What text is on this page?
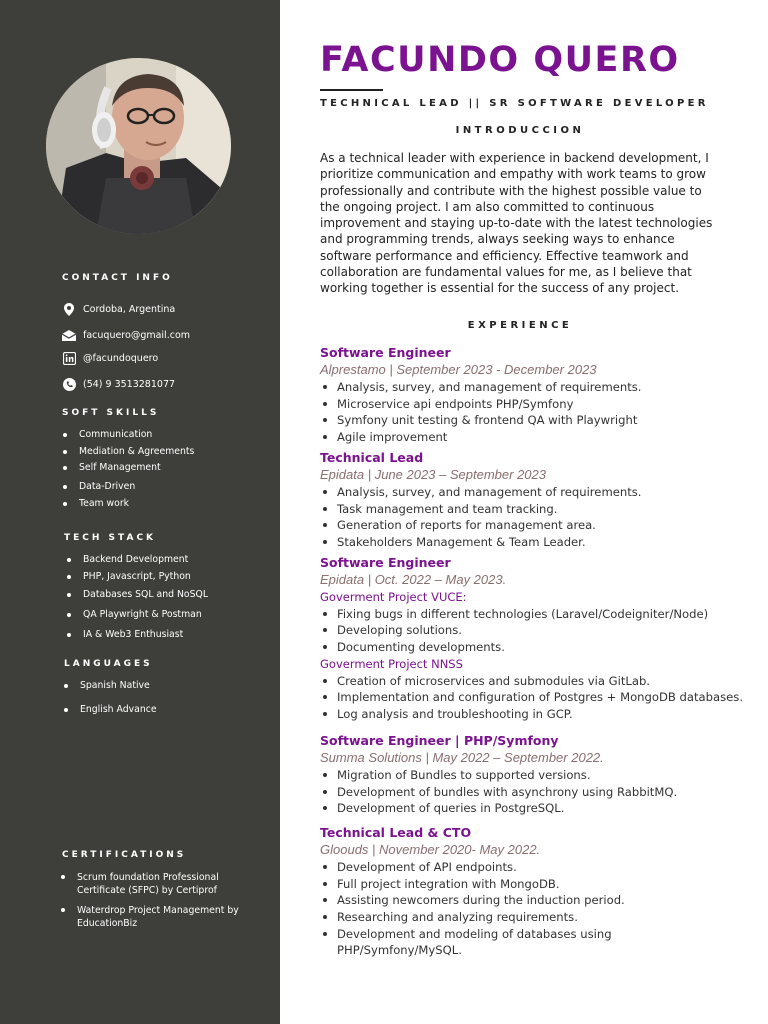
CONTACT INFO
Cordoba, Argentina
facuquero@gmail.com
@facundoquero
(54) 9 3513281077
SOFT SKILLS
Communication
Mediation & Agreements
Self Management
Data-Driven
Team work
TECH STACK
Backend Development
PHP, Javascript, Python
Databases SQL and NoSQL
QA Playwright & Postman
IA & Web3 Enthusiast
LANGUAGES
Spanish Native
English Advance
CERTIFICATIONS
Scrum foundation Professional Certificate (SFPC) by Certiprof
Waterdrop Project Management by EducationBiz
FACUNDO QUERO
TECHNICAL LEAD || SR SOFTWARE DEVELOPER
INTRODUCCION
As a technical leader with experience in backend development, I prioritize communication and empathy with work teams to grow professionally and contribute with the highest possible value to the ongoing project. I am also committed to continuous improvement and staying up-to-date with the latest technologies and programming trends, always seeking ways to enhance software performance and efficiency. Effective teamwork and collaboration are fundamental values for me, as I believe that working together is essential for the success of any project.
EXPERIENCE
Software Engineer
Alprestamo | September 2023 - December 2023
Analysis, survey, and management of requirements.
Microservice api endpoints PHP/Symfony
Symfony unit testing & frontend QA with Playwright
Agile improvement
Technical Lead
Epidata | June 2023 – September 2023
Analysis, survey, and management of requirements.
Task management and team tracking.
Generation of reports for management area.
Stakeholders Management & Team Leader.
Software Engineer
Epidata | Oct. 2022 – May 2023.
Goverment Project VUCE:
Fixing bugs in different technologies (Laravel/Codeigniter/Node)
Developing solutions.
Documenting developments.
Goverment Project NNSS
Creation of microservices and submodules via GitLab.
Implementation and configuration of Postgres + MongoDB databases.
Log analysis and troubleshooting in GCP.
Software Engineer | PHP/Symfony
Summa Solutions | May 2022 – September 2022.
Migration of Bundles to supported versions.
Development of bundles with asynchrony using RabbitMQ.
Development of queries in PostgreSQL.
Technical Lead & CTO
Gloouds | November 2020- May 2022.
Development of API endpoints.
Full project integration with MongoDB.
Assisting newcomers during the induction period.
Researching and analyzing requirements.
Development and modeling of databases using PHP/Symfony/MySQL.
